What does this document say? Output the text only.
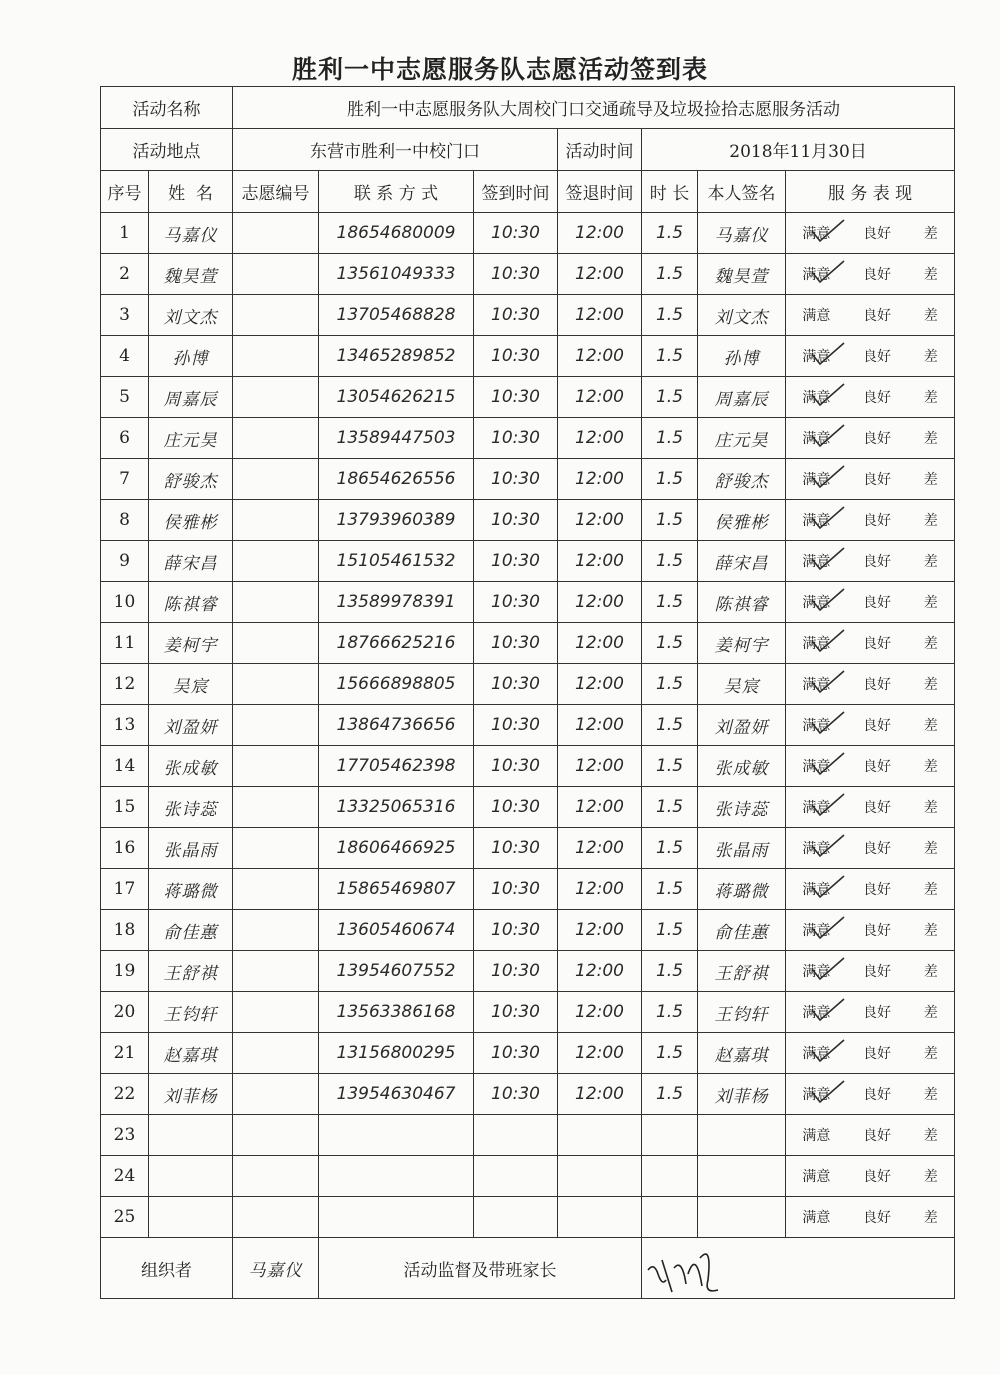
胜利一中志愿服务队志愿活动签到表
活动名称		胜利一中志愿服务队大周校门口交通疏导及垃圾捡拾志愿服务活动						
活动地点		东营市胜利一中校门口			活动时间	2018年11月30日		
序号	姓  名	志愿编号	联 系 方 式	签到时间	签退时间	时 长	本人签名	服 务 表 现
1	马嘉仪		18654680009	10:30	12:00	1.5	马嘉仪	满意 良好 差

2	魏昊萱		13561049333	10:30	12:00	1.5	魏昊萱	满意 良好 差

3	刘文杰		13705468828	10:30	12:00	1.5	刘文杰	满意 良好 差

4	孙博		13465289852	10:30	12:00	1.5	孙博	满意 良好 差

5	周嘉辰		13054626215	10:30	12:00	1.5	周嘉辰	满意 良好 差

6	庄元昊		13589447503	10:30	12:00	1.5	庄元昊	满意 良好 差

7	舒骏杰		18654626556	10:30	12:00	1.5	舒骏杰	满意 良好 差

8	侯雅彬		13793960389	10:30	12:00	1.5	侯雅彬	满意 良好 差

9	薛宋昌		15105461532	10:30	12:00	1.5	薛宋昌	满意 良好 差

10	陈祺睿		13589978391	10:30	12:00	1.5	陈祺睿	满意 良好 差

11	姜柯宇		18766625216	10:30	12:00	1.5	姜柯宇	满意 良好 差

12	吴宸		15666898805	10:30	12:00	1.5	吴宸	满意 良好 差

13	刘盈妍		13864736656	10:30	12:00	1.5	刘盈妍	满意 良好 差

14	张成敏		17705462398	10:30	12:00	1.5	张成敏	满意 良好 差

15	张诗蕊		13325065316	10:30	12:00	1.5	张诗蕊	满意 良好 差

16	张晶雨		18606466925	10:30	12:00	1.5	张晶雨	满意 良好 差

17	蒋璐微		15865469807	10:30	12:00	1.5	蒋璐微	满意 良好 差

18	俞佳蕙		13605460674	10:30	12:00	1.5	俞佳蕙	满意 良好 差

19	王舒祺		13954607552	10:30	12:00	1.5	王舒祺	满意 良好 差

20	王钧轩		13563386168	10:30	12:00	1.5	王钧轩	满意 良好 差

21	赵嘉琪		13156800295	10:30	12:00	1.5	赵嘉琪	满意 良好 差

22	刘菲杨		13954630467	10:30	12:00	1.5	刘菲杨	满意 良好 差

23								满意 良好 差

24								满意 良好 差

25								满意 良好 差

组织者		马嘉仪	活动监督及带班家长	
